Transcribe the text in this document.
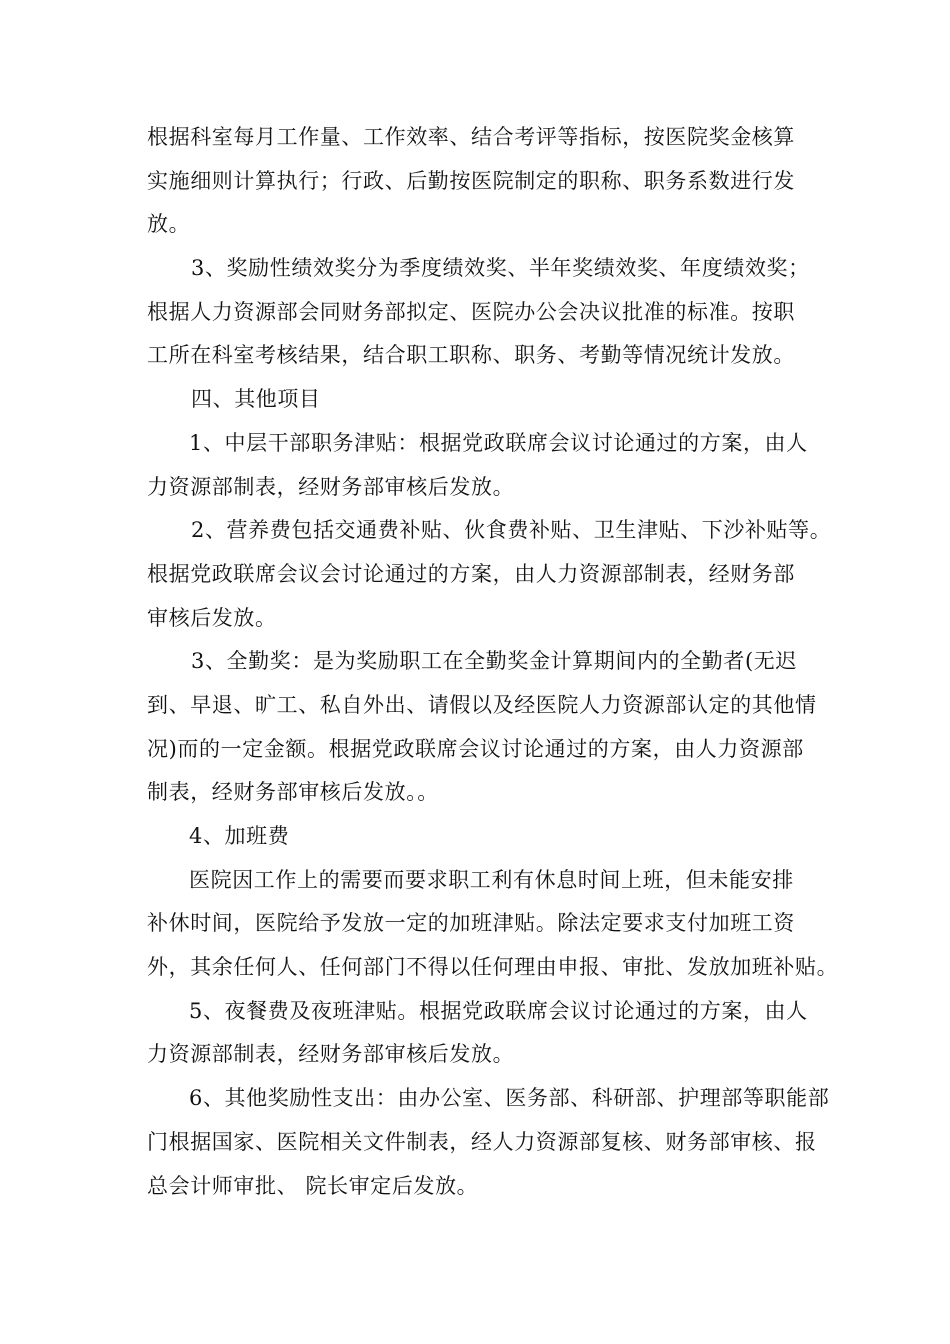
根据科室每月工作量、工作效率、结合考评等指标，按医院奖金核算
实施细则计算执行；行政、后勤按医院制定的职称、职务系数进行发
放。
3、奖励性绩效奖分为季度绩效奖、半年奖绩效奖、年度绩效奖；
根据人力资源部会同财务部拟定、医院办公会决议批准的标准。按职
工所在科室考核结果，结合职工职称、职务、考勤等情况统计发放。
四、其他项目
1、中层干部职务津贴：根据党政联席会议讨论通过的方案，由人
力资源部制表，经财务部审核后发放。
2、营养费包括交通费补贴、伙食费补贴、卫生津贴、下沙补贴等。
根据党政联席会议会讨论通过的方案，由人力资源部制表，经财务部
审核后发放。
3、全勤奖：是为奖励职工在全勤奖金计算期间内的全勤者(无迟
到、早退、旷工、私自外出、请假以及经医院人力资源部认定的其他情
况)而的一定金额。根据党政联席会议讨论通过的方案，由人力资源部
制表，经财务部审核后发放。。
4、加班费
医院因工作上的需要而要求职工利有休息时间上班，但未能安排
补休时间，医院给予发放一定的加班津贴。除法定要求支付加班工资
外，其余任何人、任何部门不得以任何理由申报、审批、发放加班补贴。
5、夜餐费及夜班津贴。根据党政联席会议讨论通过的方案，由人
力资源部制表，经财务部审核后发放。
6、其他奖励性支出：由办公室、医务部、科研部、护理部等职能部
门根据国家、医院相关文件制表，经人力资源部复核、财务部审核、报
总会计师审批、 院长审定后发放。
